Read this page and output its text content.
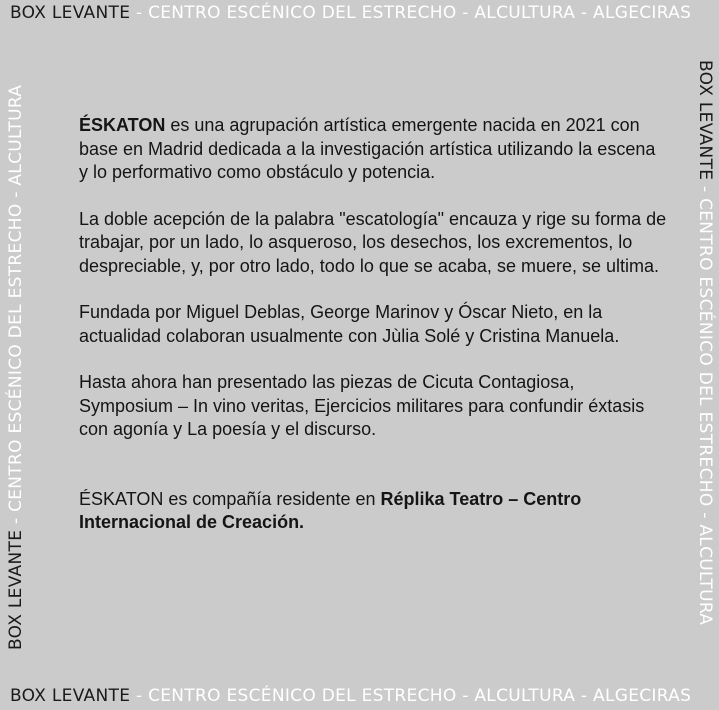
BOX LEVANTE - CENTRO ESCÉNICO DEL ESTRECHO - ALCULTURA - ALGECIRAS
BOX LEVANTE - CENTRO ESCÉNICO DEL ESTRECHO - ALCULTURA - ALGECIRAS
BOX LEVANTE - CENTRO ESCÉNICO DEL ESTRECHO - ALCULTURA	BOX LEVANTE - CENTRO ESCÉNICO DEL ESTRECHO - ALCULTURA

ÉSKATON es una agrupación artística emergente nacida en 2021 con base en Madrid dedicada a la investigación artística utilizando la escena y lo performativo como obstáculo y potencia.

La doble acepción de la palabra "escatología" encauza y rige su forma de trabajar, por un lado, lo asqueroso, los desechos, los excrementos, lo despreciable, y, por otro lado, todo lo que se acaba, se muere, se ultima.

Fundada por Miguel Deblas, George Marinov y Óscar Nieto, en la actualidad colaboran usualmente con Jùlia Solé y Cristina Manuela.

Hasta ahora han presentado las piezas de Cicuta Contagiosa, Symposium – In vino veritas, Ejercicios militares para confundir éxtasis con agonía y La poesía y el discurso.

ÉSKATON es compañía residente en Réplika Teatro – Centro Internacional de Creación.
